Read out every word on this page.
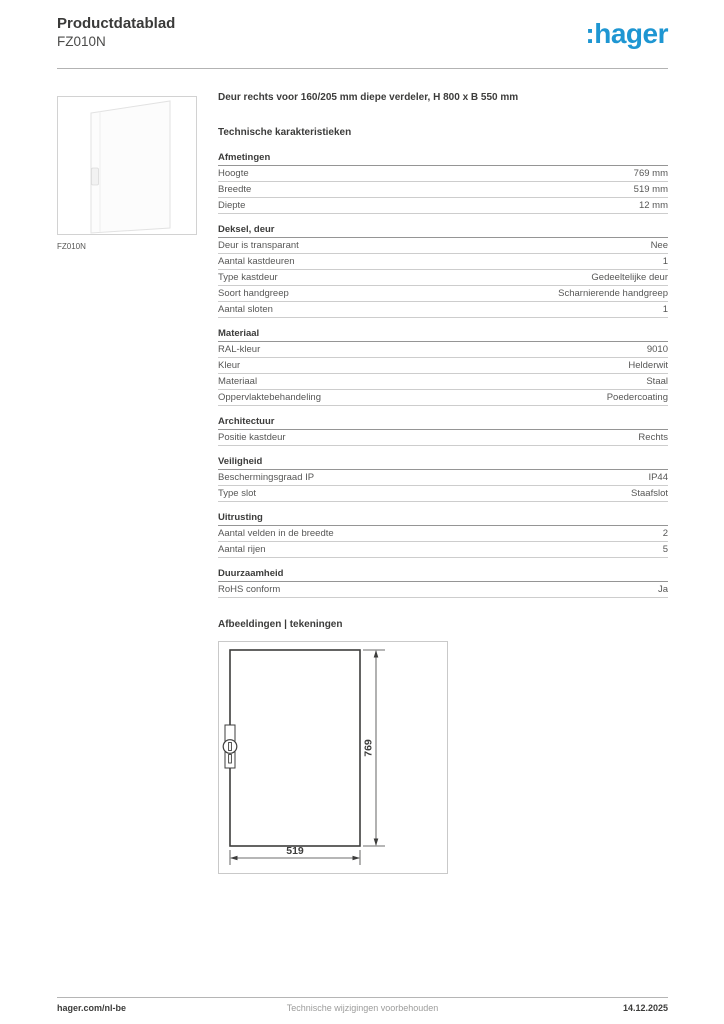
Productdatablad
FZ010N	:hager
FZ010N
Deur rechts voor 160/205 mm diepe verdeler, H 800 x B 550 mm
Technische karakteristieken
Afmetingen
Hoogte	769 mm
Breedte	519 mm
Diepte	12 mm
Deksel, deur
Deur is transparant	Nee
Aantal kastdeuren	1
Type kastdeur	Gedeeltelijke deur
Soort handgreep	Scharnierende handgreep
Aantal sloten	1
Materiaal
RAL-kleur	9010
Kleur	Helderwit
Materiaal	Staal
Oppervlaktebehandeling	Poedercoating
Architectuur
Positie kastdeur	Rechts
Veiligheid
Beschermingsgraad IP	IP44
Type slot	Staafslot
Uitrusting
Aantal velden in de breedte	2
Aantal rijen	5
Duurzaamheid
RoHS conform	Ja
Afbeeldingen | tekeningen
769
519
hager.com/nl-be	Technische wijzigingen voorbehouden	14.12.2025
